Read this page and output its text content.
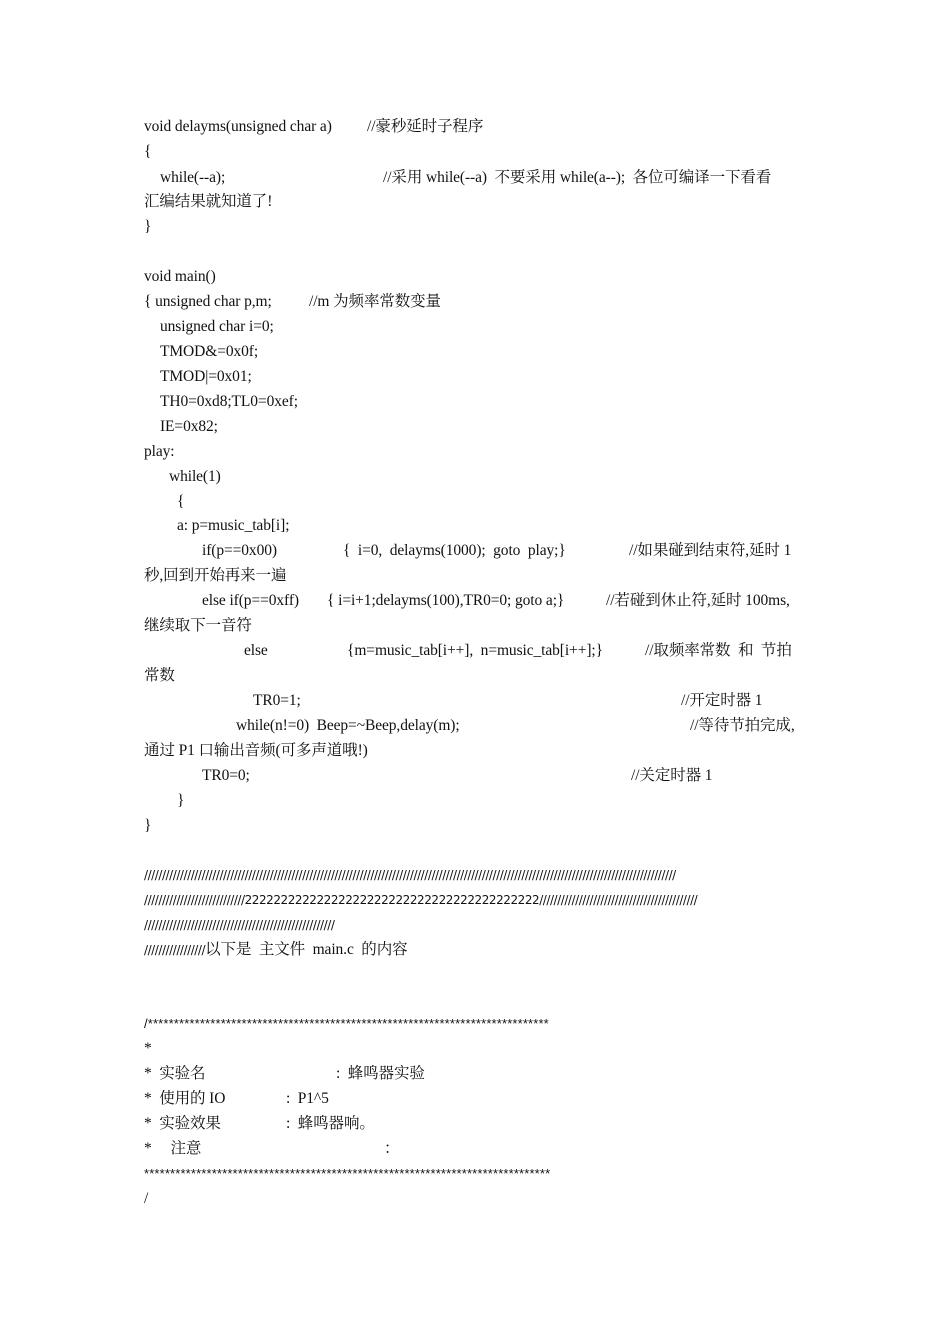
void delayms(unsigned char a) //豪秒延时子程序
{
while(--a);	//采用 while(--a)  不要采用 while(a--);  各位可编译一下看看
汇编结果就知道了!
}
void main()
{ unsigned char p,m; //m 为频率常数变量
unsigned char i=0;
TMOD&=0x0f;
TMOD|=0x01;
TH0=0xd8;TL0=0xef;
IE=0x82;
play:
while(1)
{
a: p=music_tab[i];
if(p==0x00)	{  i=0,  delayms(1000);  goto  play;}	//如果碰到结束符,延时 1
秒,回到开始再来一遍
else if(p==0xff) { i=i+1;delayms(100),TR0=0; goto a;}	//若碰到休止符,延时 100ms,
继续取下一音符
else	{m=music_tab[i++],  n=music_tab[i++];}	//取频率常数  和  节拍
常数
TR0=1;	//开定时器 1
while(n!=0)  Beep=~Beep,delay(m);	//等待节拍完成,
通过 P1 口输出音频(可多声道哦!)
TR0=0;	//关定时器 1
}
}
////////////////////////////////////////////////////////////////////////////////////////////////////////////////////////////////////////////////////
////////////////////////////22222222222222222222222222222222222222222////////////////////////////////////////////
/////////////////////////////////////////////////////
/////////////////以下是  主文件  main.c  的内容
/*****************************************************************************
*
*  实验名	:  蜂鸣器实验
*  使用的 IO	:  P1^5
*  实验效果	:  蜂鸣器响。
*     注意	：
******************************************************************************
/
